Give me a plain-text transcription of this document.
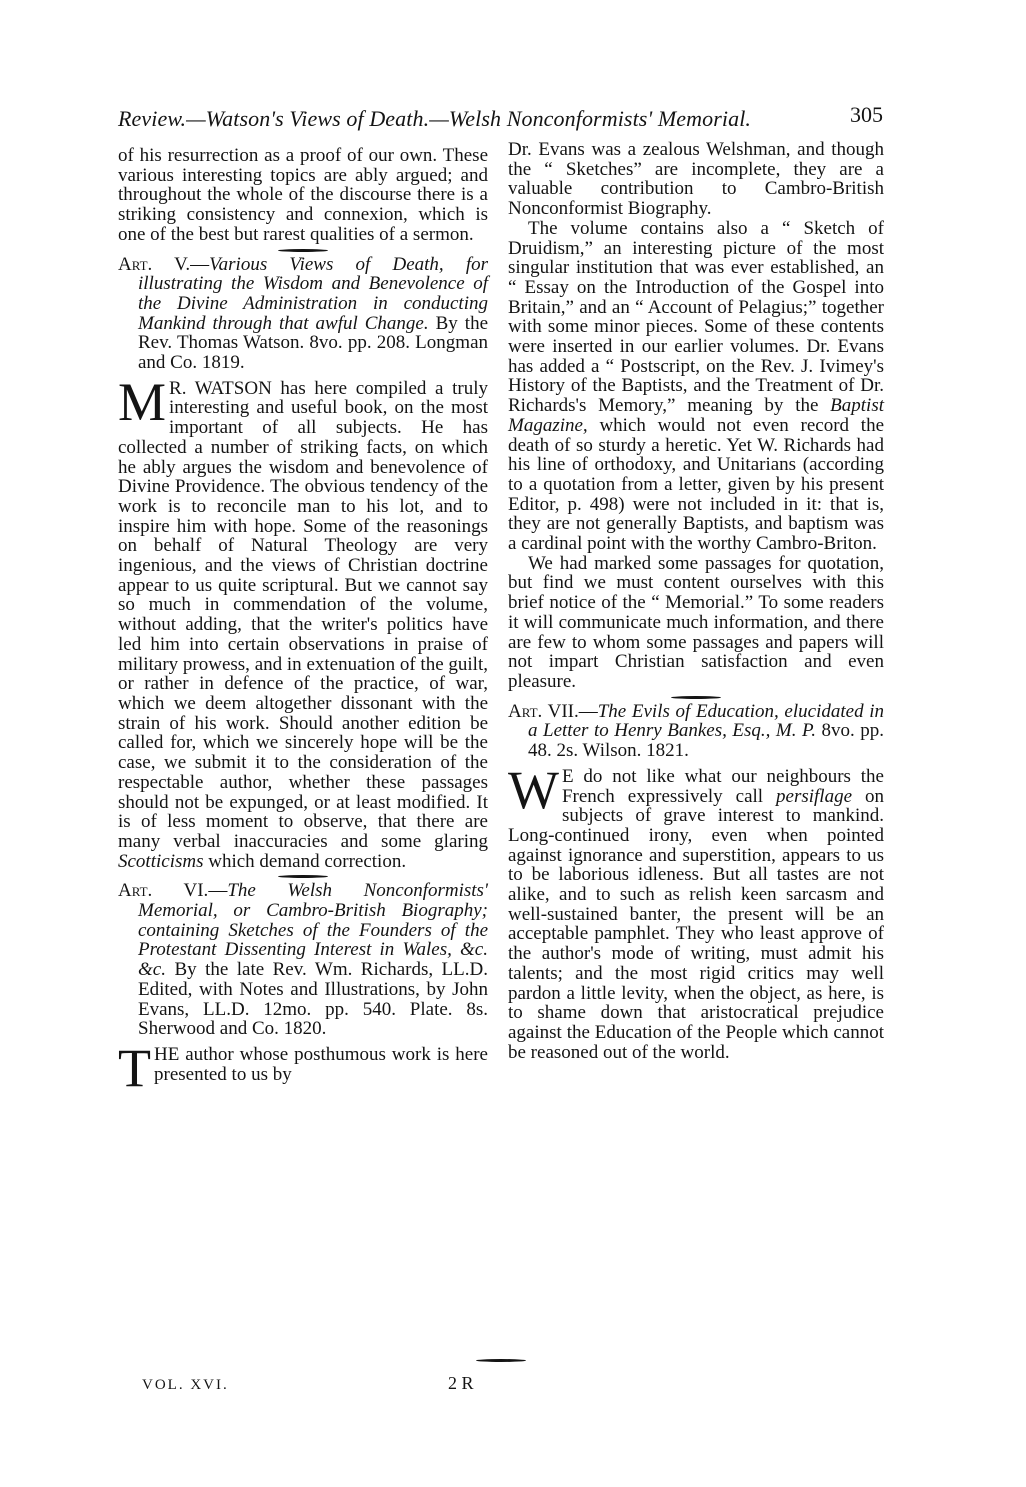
Review.—Watson's Views of Death.—Welsh Nonconformists' Memorial.	305

of his resurrection as a proof of our own. These various interesting topics are ably argued; and throughout the whole of the discourse there is a striking consistency and connexion, which is one of the best but rarest qualities of a sermon.

Art. V.—Various Views of Death, for illustrating the Wisdom and Benevolence of the Divine Administration in conducting Mankind through that awful Change. By the Rev. Thomas Watson. 8vo. pp. 208. Longman and Co. 1819.

M R. WATSON has here compiled a truly interesting and useful book, on the most important of all subjects. He has collected a number of striking facts, on which he ably argues the wisdom and benevolence of Divine Providence. The obvious tendency of the work is to reconcile man to his lot, and to inspire him with hope. Some of the reasonings on behalf of Natural Theology are very ingenious, and the views of Christian doctrine appear to us quite scriptural. But we cannot say so much in commendation of the volume, without adding, that the writer's politics have led him into certain observations in praise of military prowess, and in extenuation of the guilt, or rather in defence of the practice, of war, which we deem altogether dissonant with the strain of his work. Should another edition be called for, which we sincerely hope will be the case, we submit it to the consideration of the respectable author, whether these passages should not be expunged, or at least modified. It is of less moment to observe, that there are many verbal inaccuracies and some glaring Scotticisms which demand correction.

Art. VI.—The Welsh Nonconformists' Memorial, or Cambro-British Biography; containing Sketches of the Founders of the Protestant Dissenting Interest in Wales, &c. &c. By the late Rev. Wm. Richards, LL.D. Edited, with Notes and Illustrations, by John Evans, LL.D. 12mo. pp. 540. Plate. 8s. Sherwood and Co. 1820.

THE author whose posthumous work is here presented to us by

Dr. Evans was a zealous Welshman, and though the “ Sketches” are incomplete, they are a valuable contribution to Cambro-British Nonconformist Biography.

The volume contains also a “ Sketch of Druidism,” an interesting picture of the most singular institution that was ever established, an “ Essay on the Introduction of the Gospel into Britain,” and an “ Account of Pelagius;” together with some minor pieces. Some of these contents were inserted in our earlier volumes. Dr. Evans has added a “ Postscript, on the Rev. J. Ivimey's History of the Baptists, and the Treatment of Dr. Richards's Memory,” meaning by the Baptist Magazine, which would not even record the death of so sturdy a heretic. Yet W. Richards had his line of orthodoxy, and Unitarians (according to a quotation from a letter, given by his present Editor, p. 498) were not included in it: that is, they are not generally Baptists, and baptism was a cardinal point with the worthy Cambro-Briton.

We had marked some passages for quotation, but find we must content ourselves with this brief notice of the “ Memorial.” To some readers it will communicate much information, and there are few to whom some passages and papers will not impart Christian satisfaction and even pleasure.

Art. VII.—The Evils of Education, elucidated in a Letter to Henry Bankes, Esq., M. P. 8vo. pp. 48. 2s. Wilson. 1821.

W E do not like what our neighbours the French expressively call persiflage on subjects of grave interest to mankind. Long-continued irony, even when pointed against ignorance and superstition, appears to us to be laborious idleness. But all tastes are not alike, and to such as relish keen sarcasm and well-sustained banter, the present will be an acceptable pamphlet. They who least approve of the author's mode of writing, must admit his talents; and the most rigid critics may well pardon a little levity, when the object, as here, is to shame down that aristocratical prejudice against the Education of the People which cannot be reasoned out of the world.

VOL. XVI.	2 R
